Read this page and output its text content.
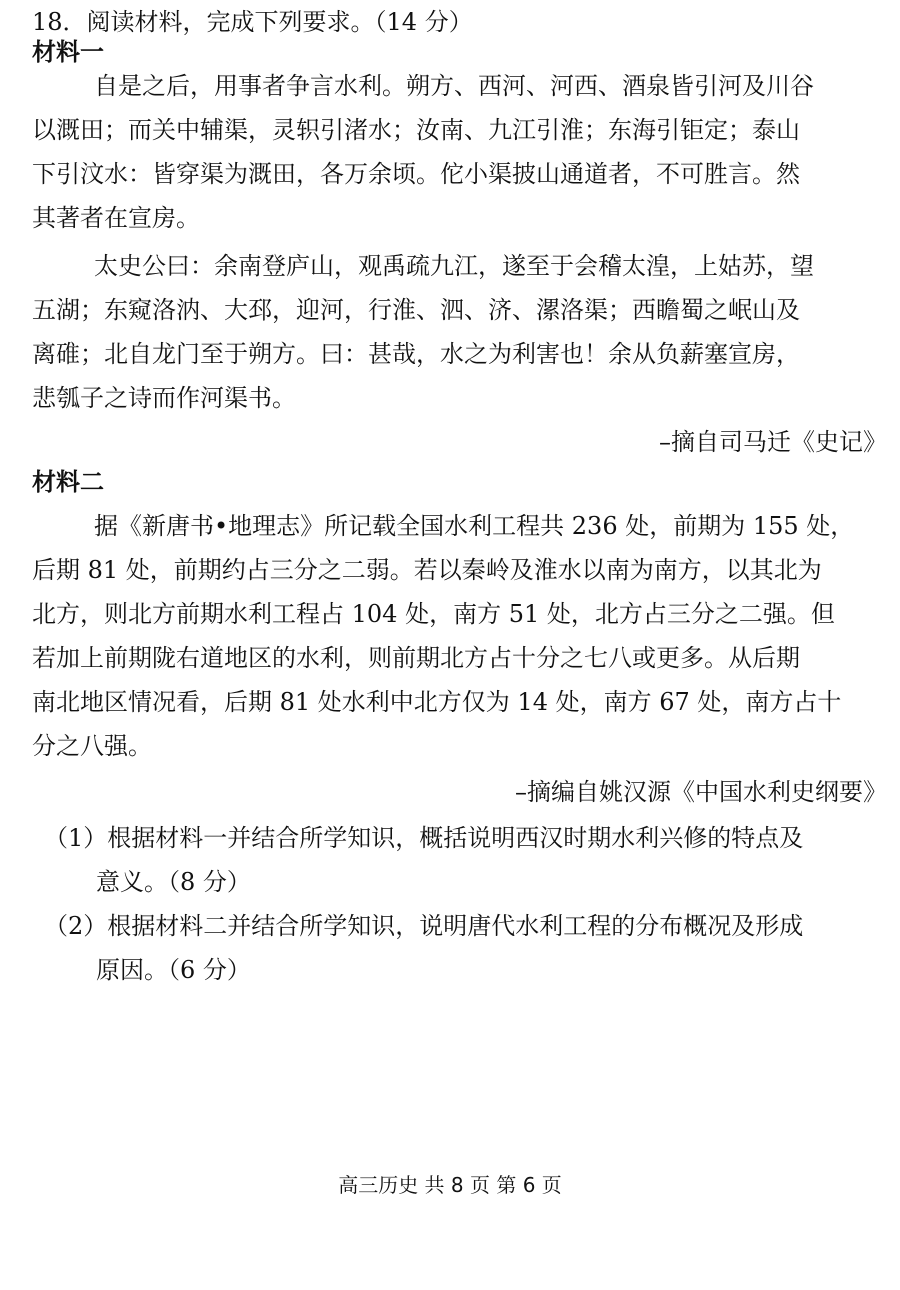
18．阅读材料，完成下列要求。（14 分）
材料一
自是之后，用事者争言水利。朔方、西河、河西、酒泉皆引河及川谷
以溉田；而关中辅渠，灵轵引渚水；汝南、九江引淮；东海引钜定；泰山
下引汶水：皆穿渠为溉田，各万余顷。佗小渠披山通道者，不可胜言。然
其著者在宣房。
太史公曰：余南登庐山，观禹疏九江，遂至于会稽太湟，上姑苏，望
五湖；东窥洛汭、大邳，迎河，行淮、泗、济、漯洛渠；西瞻蜀之岷山及
离碓；北自龙门至于朔方。曰：甚哉，水之为利害也！余从负薪塞宣房，
悲瓠子之诗而作河渠书。
–摘自司马迁《史记》
材料二
据《新唐书•地理志》所记载全国水利工程共 236 处，前期为 155 处，
后期 81 处，前期约占三分之二弱。若以秦岭及淮水以南为南方，以其北为
北方，则北方前期水利工程占 104 处，南方 51 处，北方占三分之二强。但
若加上前期陇右道地区的水利，则前期北方占十分之七八或更多。从后期
南北地区情况看，后期 81 处水利中北方仅为 14 处，南方 67 处，南方占十
分之八强。
–摘编自姚汉源《中国水利史纲要》
（1）根据材料一并结合所学知识，概括说明西汉时期水利兴修的特点及
意义。（8 分）
（2）根据材料二并结合所学知识，说明唐代水利工程的分布概况及形成
原因。（6 分）
高三历史 共 8 页 第 6 页
